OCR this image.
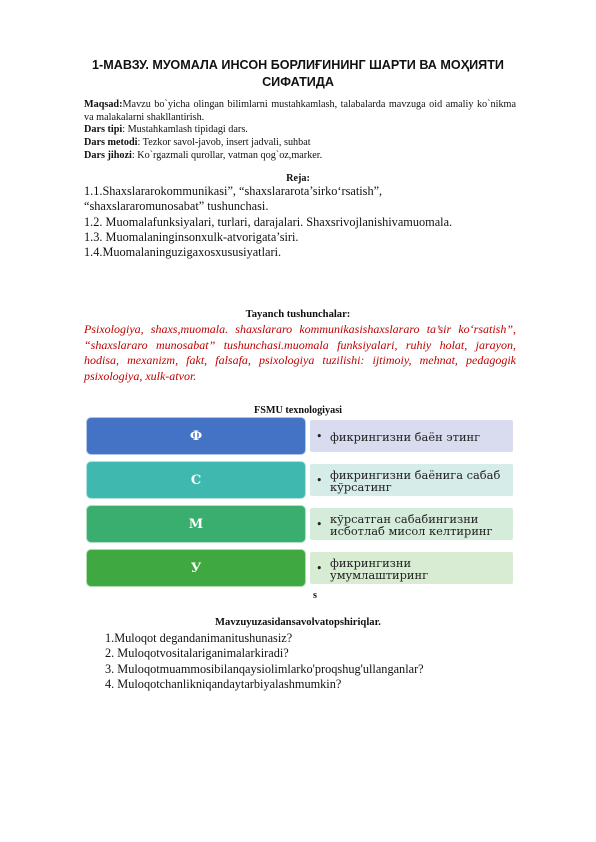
1-МАВЗУ. МУОМАЛА ИНСОН БОРЛИҒИНИНГ ШАРТИ ВА МОҲИЯТИ СИФАТИДА

Maqsad:Mavzu bo`yicha olingan bilimlarni mustahkamlash, talabalarda mavzuga oid amaliy ko`nikma va malakalarni shakllantirish.

Dars tipi: Mustahkamlash tipidagi dars.

Dars metodi: Tezkor savol-javob, insert jadvali, suhbat

Dars jihozi: Ko`rgazmali qurollar, vatman qog`oz,marker.

Reja:

1.1.Shaxslararokommunikasi”, “shaxslararota’sirko‘rsatish”,

“shaxslararomunosabat” tushunchasi.

1.2. Muomalafunksiyalari, turlari, darajalari. Shaxsrivojlanishivamuomala.

1.3. Muomalaninginsonxulk-atvorigata’siri.

1.4.Muomalaninguzigaxosxususiyatlari.

Tayanch tushunchalar:
Psixologiya, shaxs,muomala. shaxslararo kommunikasishaxslararo ta’sir ko‘rsatish”, “shaxslararo munosabat” tushunchasi.muomala funksiyalari, ruhiy holat, jarayon, hodisa, mexanizm, fakt, falsafa, psixologiya tuzilishi: ijtimoiy, mehnat, pedagogik psixologiya, xulk-atvor.
FSMU texnologiyasi
Ф	• фикрингизни баён этинг
С	• фикрингизни баёнига сабаб кўрсатинг
М	• кўрсатган сабабингизни исботлаб мисол келтиринг
У	• фикрингизни умумлаштиринг
s
Mavzuyuzasidansavolvatopshiriqlar.

1.Muloqot degandanimanitushunasiz?

2. Muloqotvositalariganimalarkiradi?

3. Muloqotmuammosibilanqaysiolimlarko'proqshug'ullanganlar?

4. Muloqotchanlikniqandaytarbiyalashmumkin?
